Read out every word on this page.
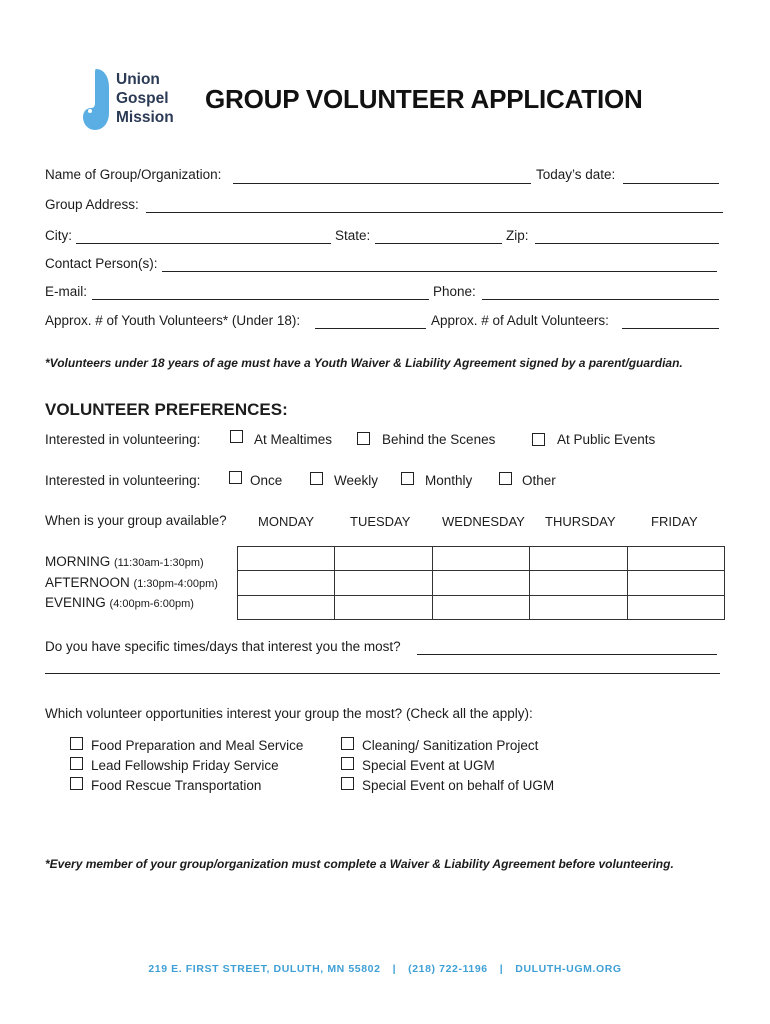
Union
Gospel
Mission
GROUP VOLUNTEER APPLICATION
Name of Group/Organization:	Today’s date:
Group Address:
City:	State:	Zip:
Contact Person(s):
E-mail:	Phone:
Approx. # of Youth Volunteers* (Under 18):	Approx. # of Adult Volunteers:
*Volunteers under 18 years of age must have a Youth Waiver & Liability Agreement signed by a parent/guardian.
VOLUNTEER PREFERENCES:
Interested in volunteering:	At Mealtimes	Behind the Scenes	At Public Events
Interested in volunteering:	Once	Weekly	Monthly	Other
When is your group available? MONDAY	TUESDAY WEDNESDAY THURSDAY	FRIDAY
MORNING (11:30am-1:30pm)
AFTERNOON (1:30pm-4:00pm)
EVENING (4:00pm-6:00pm)

Do you have specific times/days that interest you the most?
Which volunteer opportunities interest your group the most? (Check all the apply):
Food Preparation and Meal Service
Lead Fellowship Friday Service
Food Rescue Transportation
Cleaning/ Sanitization Project
Special Event at UGM
Special Event on behalf of UGM
*Every member of your group/organization must complete a Waiver & Liability Agreement before volunteering.
219 E. FIRST STREET, DULUTH, MN 55802 | (218) 722-1196 | DULUTH-UGM.ORG
